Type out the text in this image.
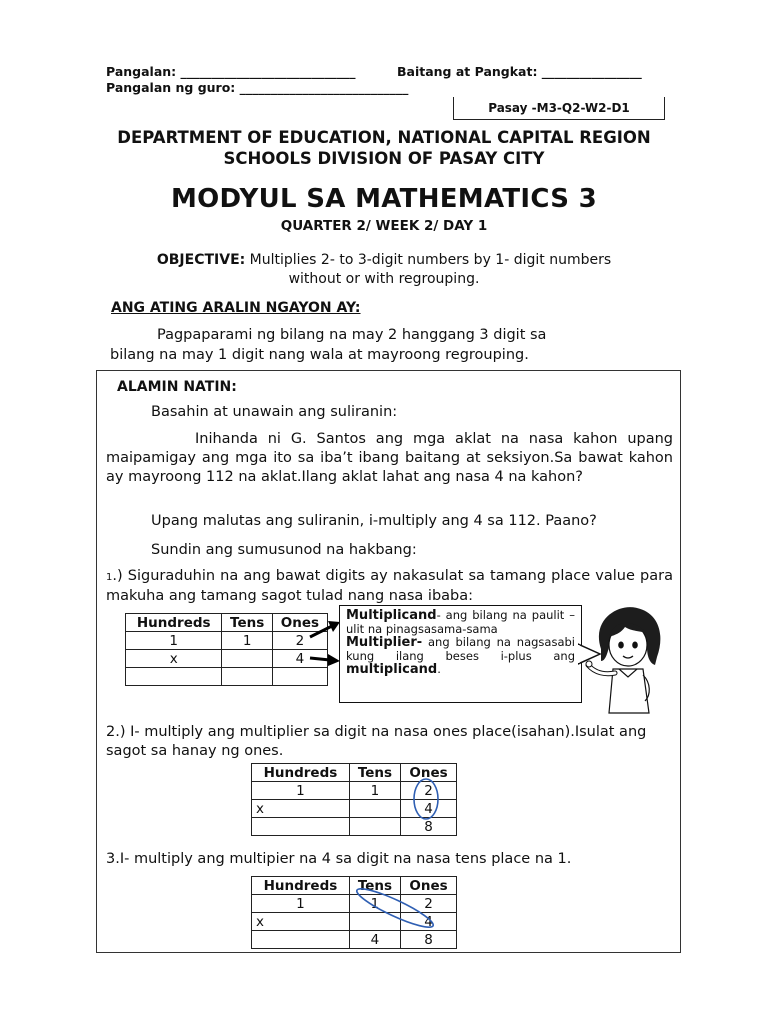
Pangalan: ____________________________	Baitang at Pangkat: ________________
Pangalan ng guro: ___________________________
Pasay -M3-Q2-W2-D1
DEPARTMENT OF EDUCATION, NATIONAL CAPITAL REGION
SCHOOLS DIVISION OF PASAY CITY
MODYUL SA MATHEMATICS 3
QUARTER 2/ WEEK 2/ DAY 1
OBJECTIVE: Multiplies 2- to 3-digit numbers by 1- digit numbers
without or with regrouping.
ANG ATING ARALIN NGAYON AY:
Pagpaparami ng bilang na may 2 hanggang 3 digit sa
bilang na may 1 digit nang wala at mayroong regrouping.
ALAMIN NATIN:
Basahin at unawain ang suliranin:
Inihanda ni G. Santos ang mga aklat na nasa kahon upang maipamigay ang mga ito sa iba’t ibang baitang at seksiyon.Sa bawat kahon ay mayroong 112 na aklat.Ilang aklat lahat ang nasa 4 na kahon?
Upang malutas ang suliranin, i-multiply ang 4 sa 112. Paano?
Sundin ang sumusunod na hakbang:
1.) Siguraduhin na ang bawat digits ay nakasulat sa tamang place value para makuha ang tamang sagot tulad nang nasa ibaba:
Hundreds	Tens	Ones
1	1	2
x		4

Multiplicand- ang bilang na paulit – ulit na pinagsasama-sama
Multiplier- ang bilang na nagsasabi kung ilang beses i-plus ang multiplicand.
2.) I- multiply ang multiplier sa digit na nasa ones place(isahan).Isulat ang sagot sa hanay ng ones.
Hundreds	Tens	Ones
1	1	2
x		4
		8
3.I- multiply ang multipier na 4 sa digit na nasa tens place na 1.
Hundreds	Tens	Ones
1	1	2
x		4
	4	8
